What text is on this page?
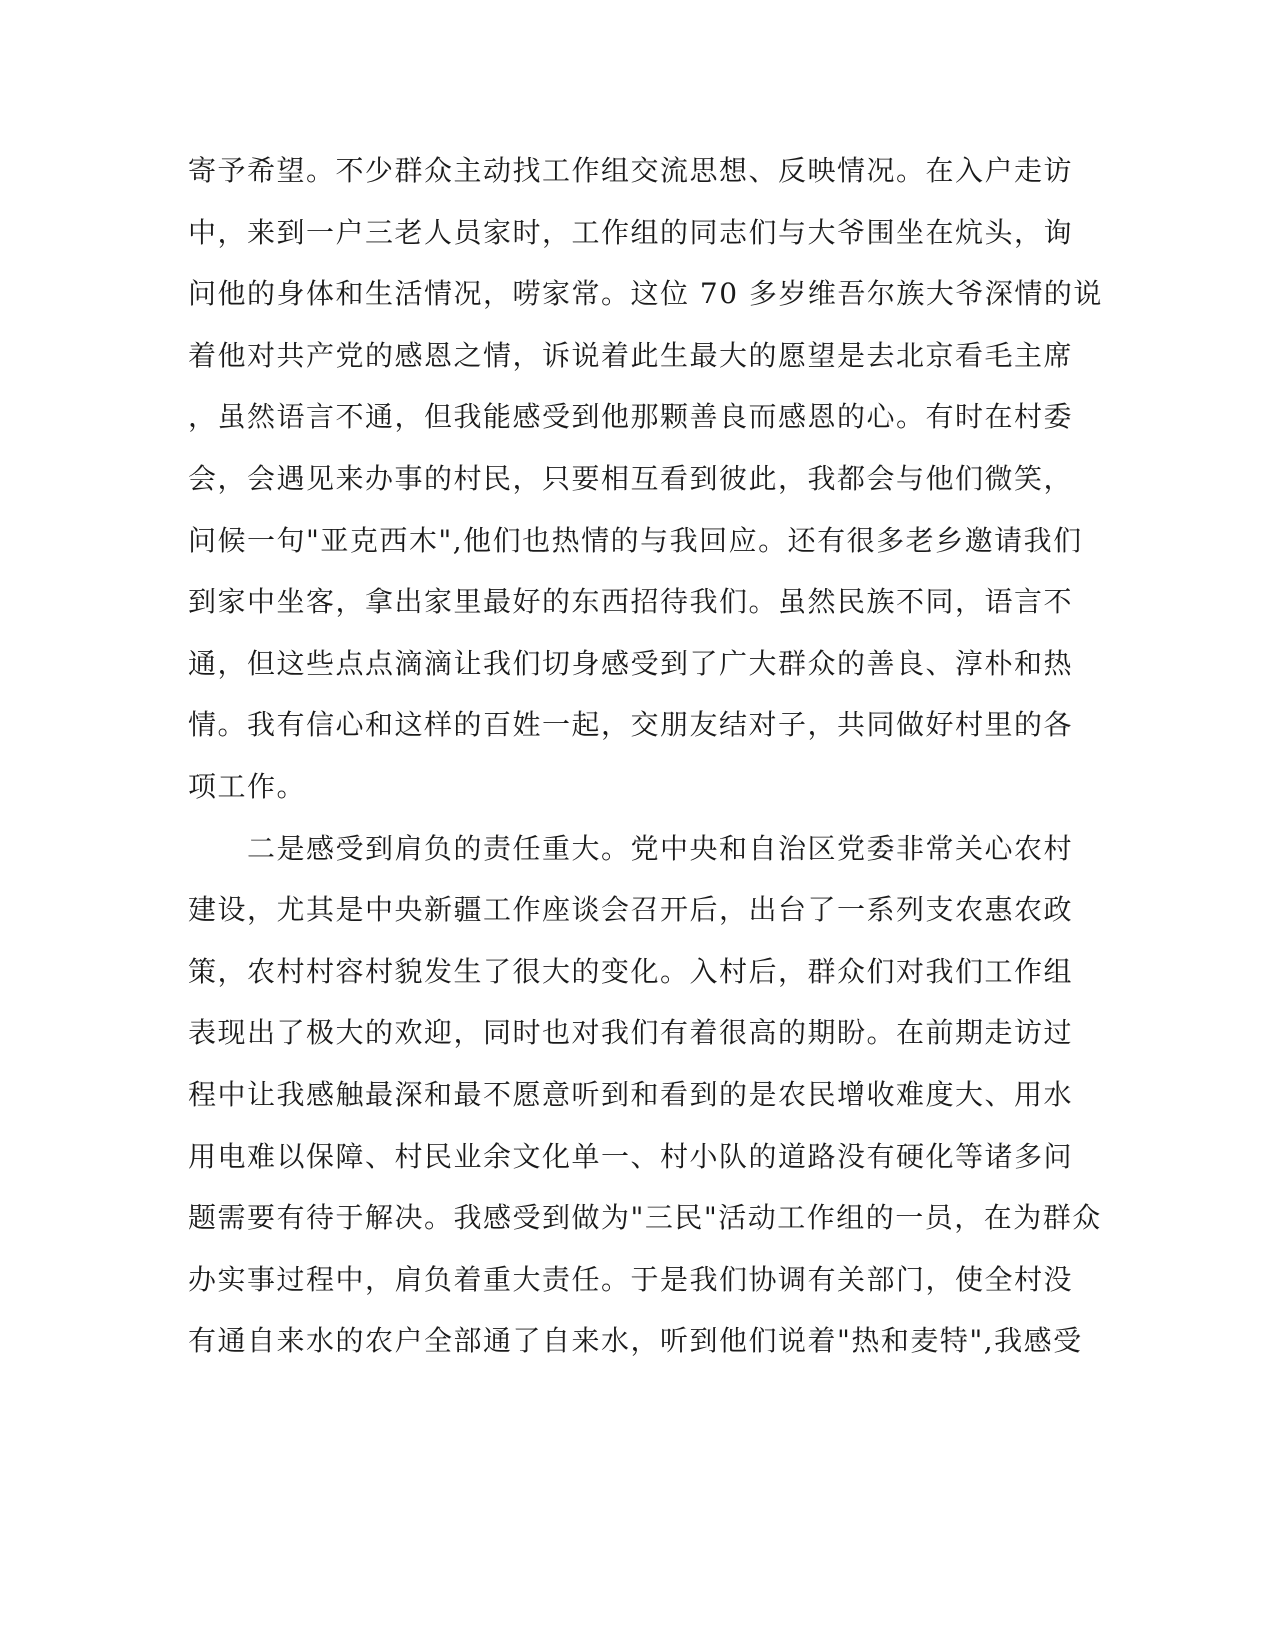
寄予希望。不少群众主动找工作组交流思想、反映情况。在入户走访
中，来到一户三老人员家时，工作组的同志们与大爷围坐在炕头，询
问他的身体和生活情况，唠家常。这位 70 多岁维吾尔族大爷深情的说
着他对共产党的感恩之情，诉说着此生最大的愿望是去北京看毛主席
，虽然语言不通，但我能感受到他那颗善良而感恩的心。有时在村委
会，会遇见来办事的村民，只要相互看到彼此，我都会与他们微笑，
问候一句"亚克西木",他们也热情的与我回应。还有很多老乡邀请我们
到家中坐客，拿出家里最好的东西招待我们。虽然民族不同，语言不
通，但这些点点滴滴让我们切身感受到了广大群众的善良、淳朴和热
情。我有信心和这样的百姓一起，交朋友结对子，共同做好村里的各
项工作。
　　二是感受到肩负的责任重大。党中央和自治区党委非常关心农村
建设，尤其是中央新疆工作座谈会召开后，出台了一系列支农惠农政
策，农村村容村貌发生了很大的变化。入村后，群众们对我们工作组
表现出了极大的欢迎，同时也对我们有着很高的期盼。在前期走访过
程中让我感触最深和最不愿意听到和看到的是农民增收难度大、用水
用电难以保障、村民业余文化单一、村小队的道路没有硬化等诸多问
题需要有待于解决。我感受到做为"三民"活动工作组的一员，在为群众
办实事过程中，肩负着重大责任。于是我们协调有关部门，使全村没
有通自来水的农户全部通了自来水，听到他们说着"热和麦特",我感受
